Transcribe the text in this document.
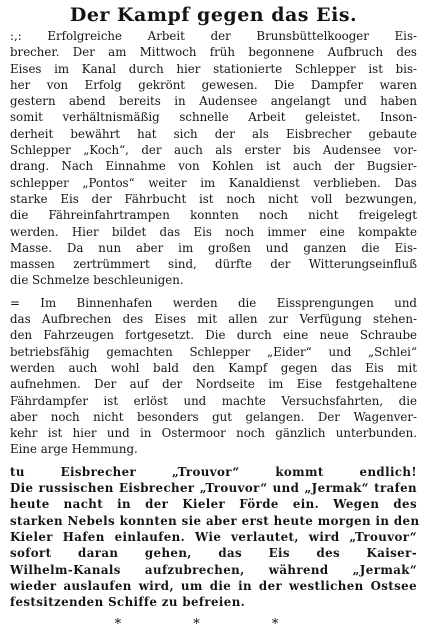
Der Kampf gegen das Eis.
:,: Erfolgreiche Arbeit der Brunsbüttelkooger Eis-
brecher. Der am Mittwoch früh begonnene Aufbruch des
Eises im Kanal durch hier stationierte Schlepper ist bis-
her von Erfolg gekrönt gewesen. Die Dampfer waren
gestern abend bereits in Audensee angelangt und haben
somit verhältnismäßig schnelle Arbeit geleistet. Inson-
derheit bewährt hat sich der als Eisbrecher gebaute
Schlepper „Koch“, der auch als erster bis Audensee vor-
drang. Nach Einnahme von Kohlen ist auch der Bugsier-
schlepper „Pontos“ weiter im Kanaldienst verblieben. Das
starke Eis der Fährbucht ist noch nicht voll bezwungen,
die Fähreinfahrtrampen konnten noch nicht freigelegt
werden. Hier bildet das Eis noch immer eine kompakte
Masse. Da nun aber im großen und ganzen die Eis-
massen zertrümmert sind, dürfte der Witterungseinfluß
die Schmelze beschleunigen.
= Im Binnenhafen werden die Eissprengungen und
das Aufbrechen des Eises mit allen zur Verfügung stehen-
den Fahrzeugen fortgesetzt. Die durch eine neue Schraube
betriebsfähig gemachten Schlepper „Eider“ und „Schlei“
werden auch wohl bald den Kampf gegen das Eis mit
aufnehmen. Der auf der Nordseite im Eise festgehaltene
Fährdampfer ist erlöst und machte Versuchsfahrten, die
aber noch nicht besonders gut gelangen. Der Wagenver-
kehr ist hier und in Ostermoor noch gänzlich unterbunden.
Eine arge Hemmung.
tu Eisbrecher „Trouvor“ kommt endlich!
Die russischen Eisbrecher „Trouvor“ und „Jermak“ trafen
heute nacht in der Kieler Förde ein. Wegen des
starken Nebels konnten sie aber erst heute morgen in den
Kieler Hafen einlaufen. Wie verlautet, wird „Trouvor“
sofort daran gehen, das Eis des Kaiser-
Wilhelm-Kanals aufzubrechen, während „Jermak“
wieder auslaufen wird, um die in der westlichen Ostsee
festsitzenden Schiffe zu befreien.
* * *
